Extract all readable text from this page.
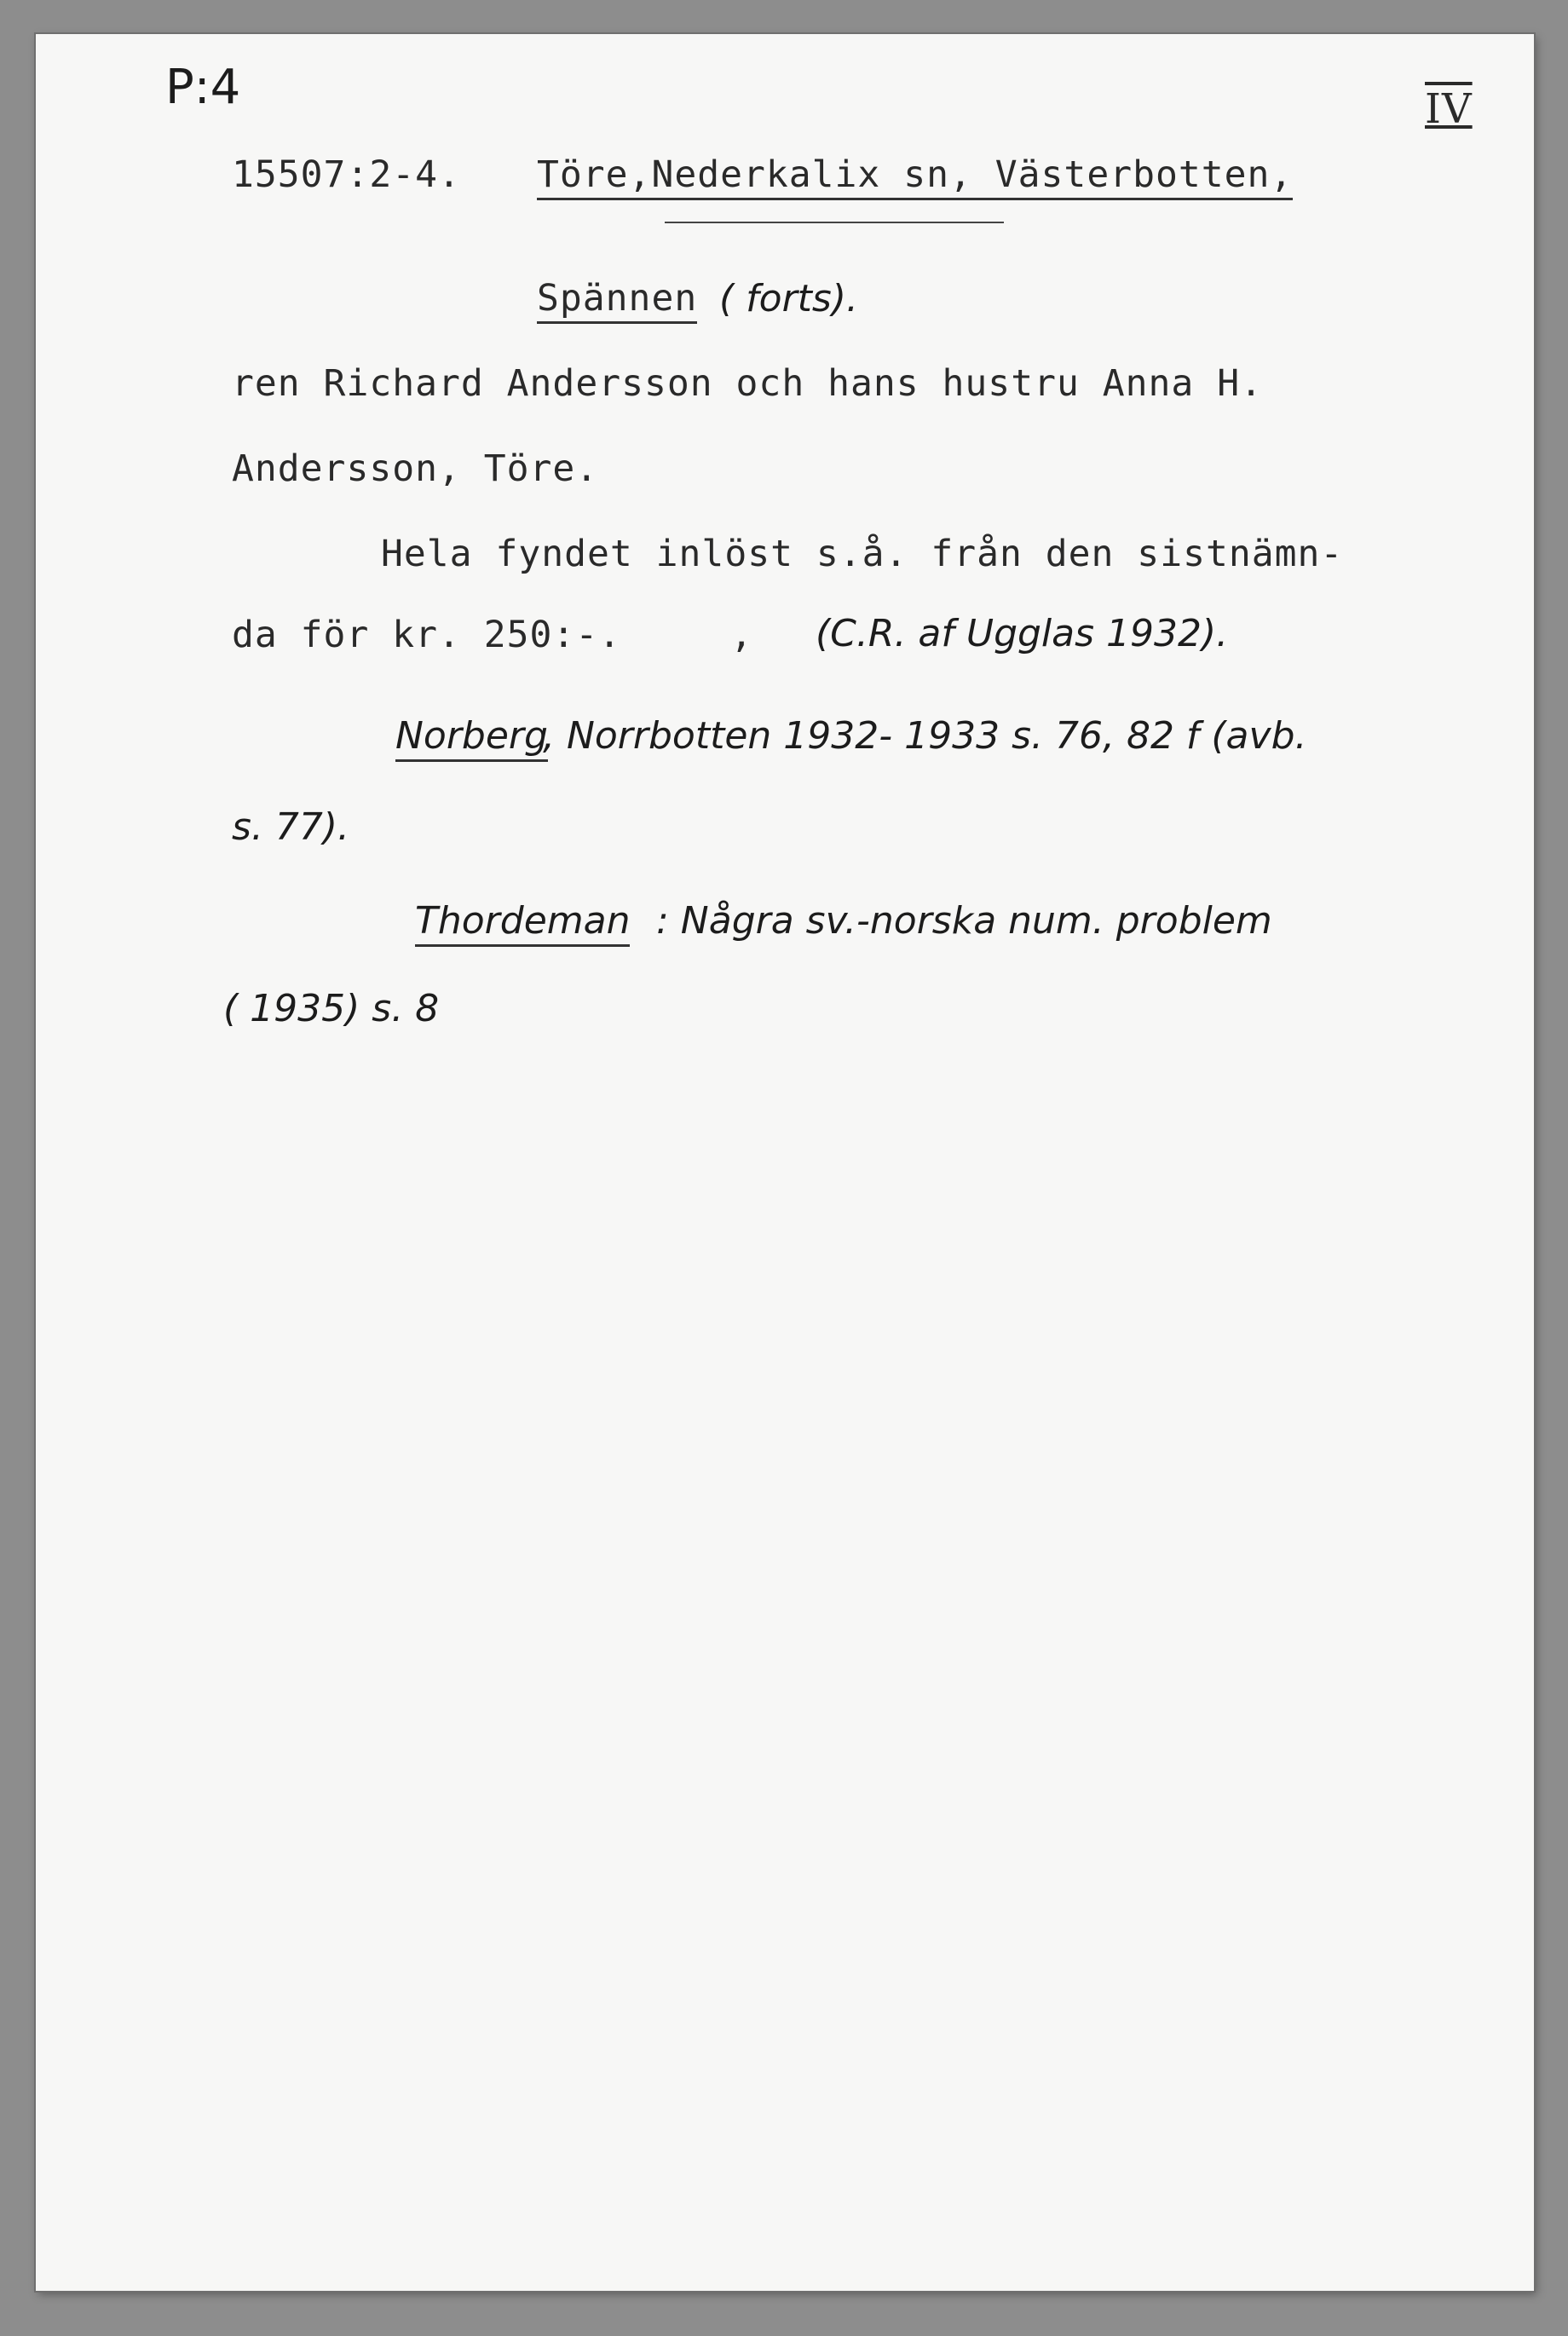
P:4	IV
15507:2-4. Töre,Nederkalix sn, Västerbotten,
Spännen ( forts).
ren Richard Andersson och hans hustru Anna H.
Andersson, Töre.
Hela fyndet inlöst s.å. från den sistnämn-
da för kr. 250:-.	, (C.R. af Ugglas 1932).
Norberg
, Norrbotten 1932- 1933 s. 76, 82 f (avb.
s. 77).
Thordeman : Några sv.-norska num. problem
( 1935) s. 8
